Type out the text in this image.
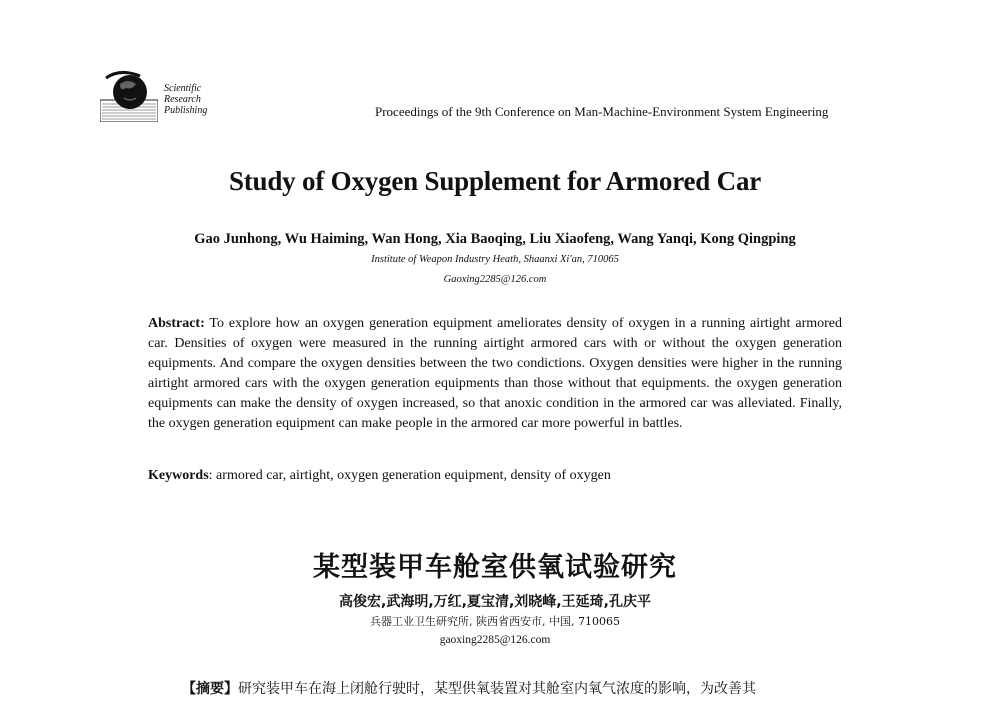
Scientific
Research
Publishing	Proceedings of the 9th Conference on Man-Machine-Environment System Engineering
Study of Oxygen Supplement for Armored Car
Gao Junhong, Wu Haiming, Wan Hong, Xia Baoqing, Liu Xiaofeng, Wang Yanqi, Kong Qingping
Institute of Weapon Industry Heath, Shaanxi Xi'an, 710065
Gaoxing2285@126.com

Abstract: To explore how an oxygen generation equipment ameliorates density of oxygen in a running airtight armored car. Densities of oxygen were measured in the running airtight armored cars with or without the oxygen generation equipments. And compare the oxygen densities between the two condictions. Oxygen densities were higher in the running airtight armored cars with the oxygen generation equipments than those without that equipments. the oxygen generation equipments can make the density of oxygen increased, so that anoxic condition in the armored car was alleviated. Finally, the oxygen generation equipment can make people in the armored car more powerful in battles.

Keywords: armored car, airtight, oxygen generation equipment, density of oxygen

某型装甲车舱室供氧试验研究
高俊宏,武海明,万红,夏宝清,刘晓峰,王延琦,孔庆平
兵器工业卫生研究所, 陕西省西安市, 中国, 710065
gaoxing2285@126.com

【摘要】研究装甲车在海上闭舱行驶时，某型供氧装置对其舱室内氧气浓度的影响，为改善其
